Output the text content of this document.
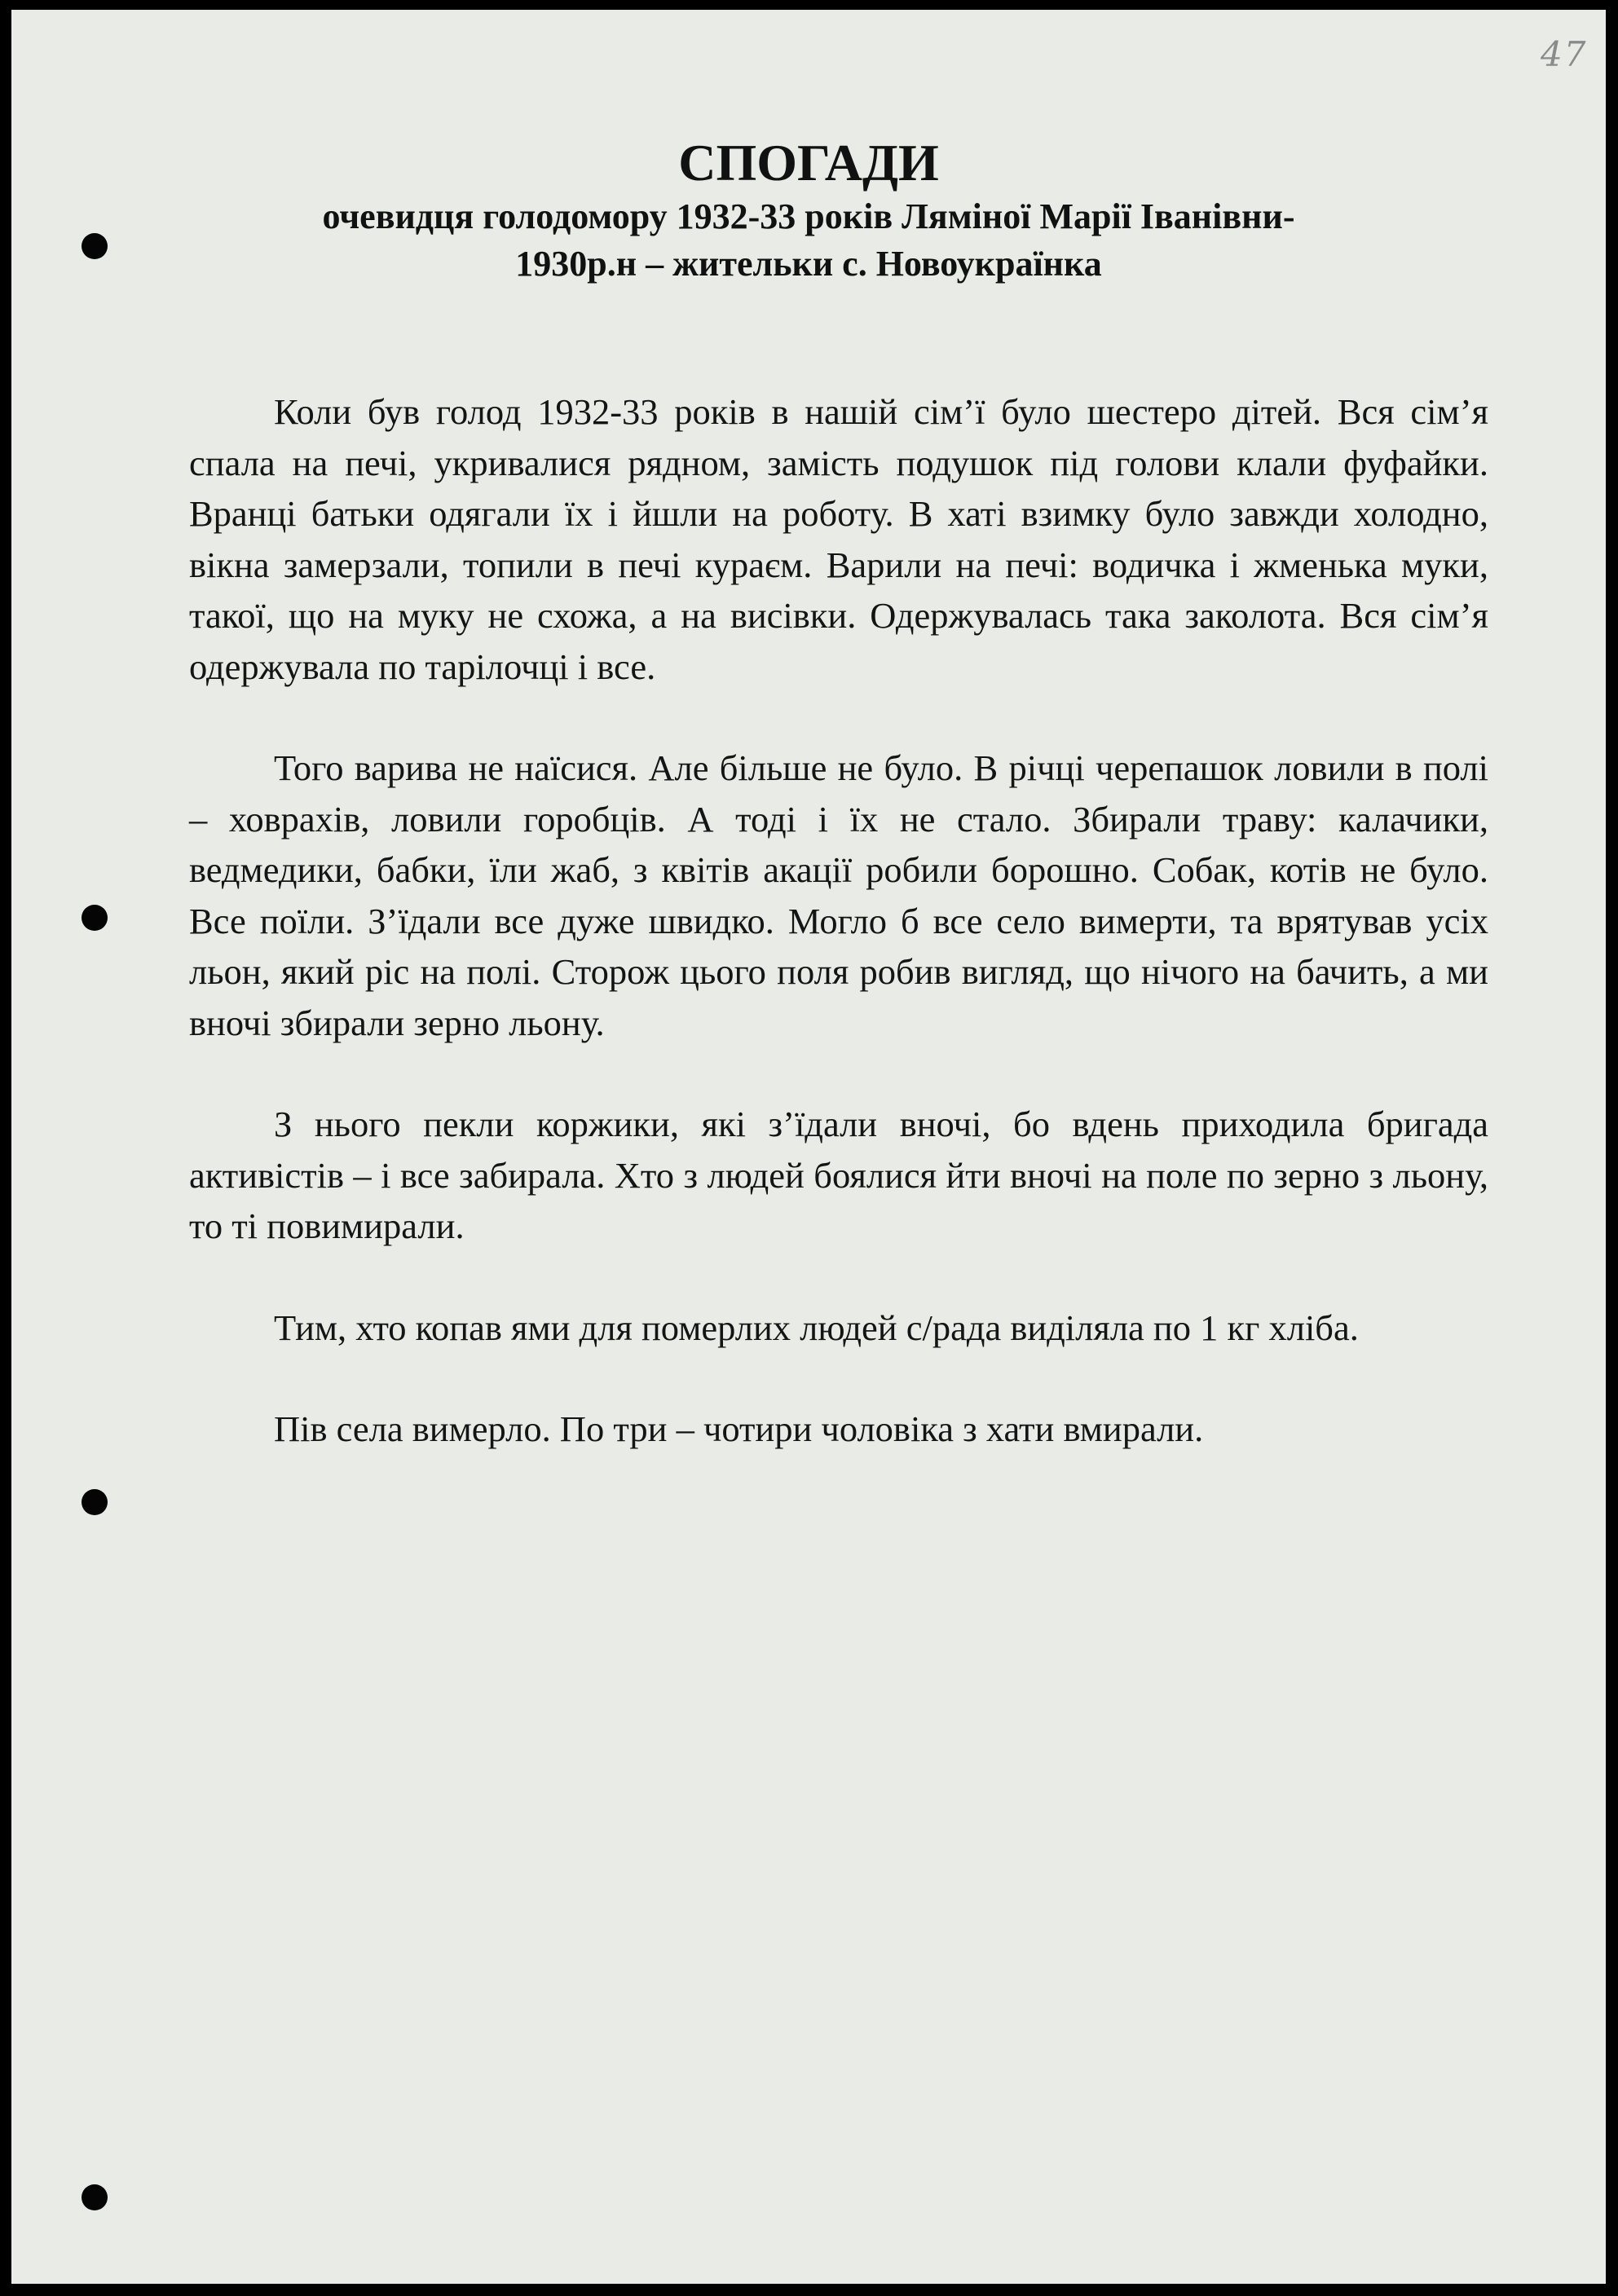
47
СПОГАДИ
очевидця голодомору 1932-33 років Ляміної Марії Іванівни-
1930р.н – жительки с. Новоукраїнка

Коли був голод 1932-33 років в нашій сім’ї було шестеро дітей. Вся сім’я спала на печі, укривалися рядном, замість подушок під голови клали фуфайки. Вранці батьки одягали їх і йшли на роботу. В хаті взимку було завжди холодно, вікна замерзали, топили в печі кураєм. Варили на печі: водичка і жменька муки, такої, що на муку не схожа, а на висівки. Одержувалась така заколота. Вся сім’я одержувала по тарілочці і все.

Того варива не наїсися. Але більше не було. В річці черепашок ловили в полі – ховрахів, ловили горобців. А тоді і їх не стало. Збирали траву: калачики, ведмедики, бабки, їли жаб, з квітів акації робили борошно. Собак, котів не було. Все поїли. З’їдали все дуже швидко. Могло б все село вимерти, та врятував усіх льон, який ріс на полі. Сторож цього поля робив вигляд, що нічого на бачить, а ми вночі збирали зерно льону.

З нього пекли коржики, які з’їдали вночі, бо вдень приходила бригада активістів – і все забирала. Хто з людей боялися йти вночі на поле по зерно з льону, то ті повимирали.

Тим, хто копав ями для померлих людей с/рада виділяла по 1 кг хліба.

Пів села вимерло. По три – чотири чоловіка з хати вмирали.
